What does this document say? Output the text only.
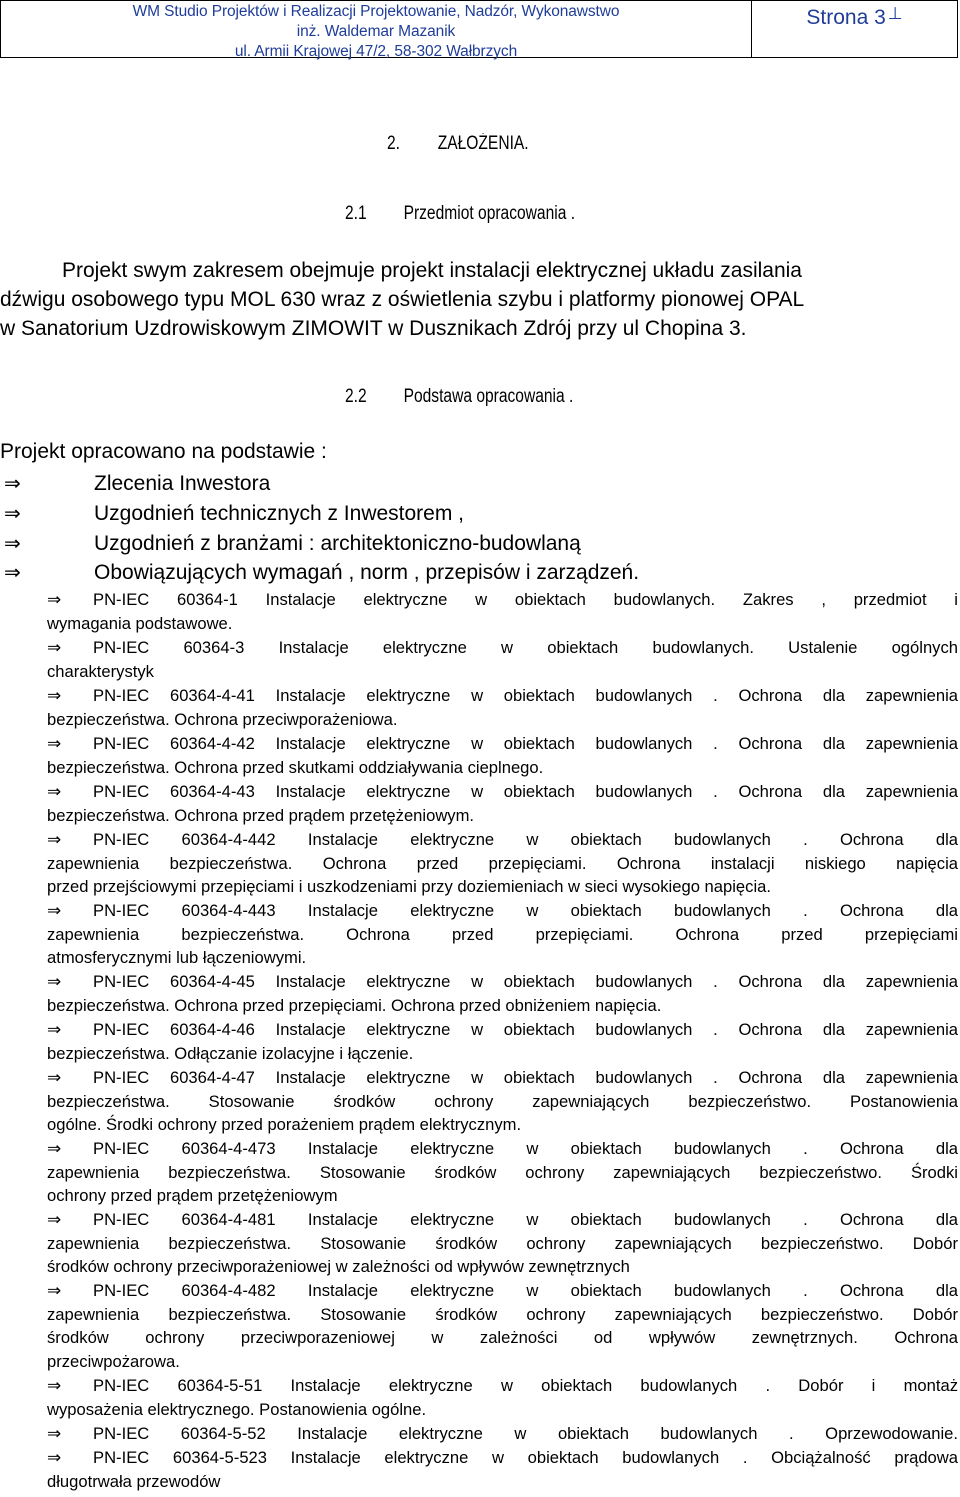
WM Studio Projektów i Realizacji Projektowanie, Nadzór, Wykonawstwo
inż. Waldemar Mazanik
ul. Armii Krajowej 47/2, 58-302 Wałbrzych
Strona 3 ⊥
2. ZAŁOŻENIA.
2.1 Przedmiot opracowania .
Projekt swym zakresem obejmuje projekt instalacji elektrycznej układu zasilania
dźwigu osobowego typu MOL 630 wraz z oświetlenia szybu i platformy pionowej OPAL
w Sanatorium Uzdrowiskowym ZIMOWIT w Dusznikach Zdrój przy ul Chopina 3.
2.2 Podstawa opracowania .
Projekt opracowano na podstawie :
⇒	Zlecenia Inwestora
⇒	Uzgodnień technicznych z Inwestorem ,
⇒	Uzgodnień z branżami : architektoniczno-budowlaną
⇒	Obowiązujących wymagań , norm , przepisów i zarządzeń.
⇒ PN-IEC 60364-1 Instalacje elektryczne w obiektach budowlanych. Zakres , przedmiot i
wymagania podstawowe.
⇒ PN-IEC 60364-3 Instalacje elektryczne w obiektach budowlanych. Ustalenie ogólnych
charakterystyk
⇒ PN-IEC 60364-4-41 Instalacje elektryczne w obiektach budowlanych . Ochrona dla zapewnienia
bezpieczeństwa. Ochrona przeciwporażeniowa.
⇒ PN-IEC 60364-4-42 Instalacje elektryczne w obiektach budowlanych . Ochrona dla zapewnienia
bezpieczeństwa. Ochrona przed skutkami oddziaływania cieplnego.
⇒ PN-IEC 60364-4-43 Instalacje elektryczne w obiektach budowlanych . Ochrona dla zapewnienia
bezpieczeństwa. Ochrona przed prądem przetężeniowym.
⇒ PN-IEC 60364-4-442 Instalacje elektryczne w obiektach budowlanych . Ochrona dla
zapewnienia bezpieczeństwa. Ochrona przed przepięciami. Ochrona instalacji niskiego napięcia
przed przejściowymi przepięciami i uszkodzeniami przy doziemieniach w sieci wysokiego napięcia.
⇒ PN-IEC 60364-4-443 Instalacje elektryczne w obiektach budowlanych . Ochrona dla
zapewnienia bezpieczeństwa. Ochrona przed przepięciami. Ochrona przed przepięciami
atmosferycznymi lub łączeniowymi.
⇒ PN-IEC 60364-4-45 Instalacje elektryczne w obiektach budowlanych . Ochrona dla zapewnienia
bezpieczeństwa. Ochrona przed przepięciami. Ochrona przed obniżeniem napięcia.
⇒ PN-IEC 60364-4-46 Instalacje elektryczne w obiektach budowlanych . Ochrona dla zapewnienia
bezpieczeństwa. Odłączanie izolacyjne i łączenie.
⇒ PN-IEC 60364-4-47 Instalacje elektryczne w obiektach budowlanych . Ochrona dla zapewnienia
bezpieczeństwa. Stosowanie środków ochrony zapewniających bezpieczeństwo. Postanowienia
ogólne. Środki ochrony przed porażeniem prądem elektrycznym.
⇒ PN-IEC 60364-4-473 Instalacje elektryczne w obiektach budowlanych . Ochrona dla
zapewnienia bezpieczeństwa. Stosowanie środków ochrony zapewniających bezpieczeństwo. Środki
ochrony przed prądem przetężeniowym
⇒ PN-IEC 60364-4-481 Instalacje elektryczne w obiektach budowlanych . Ochrona dla
zapewnienia bezpieczeństwa. Stosowanie środków ochrony zapewniających bezpieczeństwo. Dobór
środków ochrony przeciwporażeniowej w zależności od wpływów zewnętrznych
⇒ PN-IEC 60364-4-482 Instalacje elektryczne w obiektach budowlanych . Ochrona dla
zapewnienia bezpieczeństwa. Stosowanie środków ochrony zapewniających bezpieczeństwo. Dobór
środków ochrony przeciwporazeniowej w zależności od wpływów zewnętrznych. Ochrona
przeciwpożarowa.
⇒ PN-IEC 60364-5-51 Instalacje elektryczne w obiektach budowlanych . Dobór i montaż
wyposażenia elektrycznego. Postanowienia ogólne.
⇒ PN-IEC 60364-5-52 Instalacje elektryczne w obiektach budowlanych . Oprzewodowanie.
⇒ PN-IEC 60364-5-523 Instalacje elektryczne w obiektach budowlanych . Obciążalność prądowa
długotrwała przewodów
